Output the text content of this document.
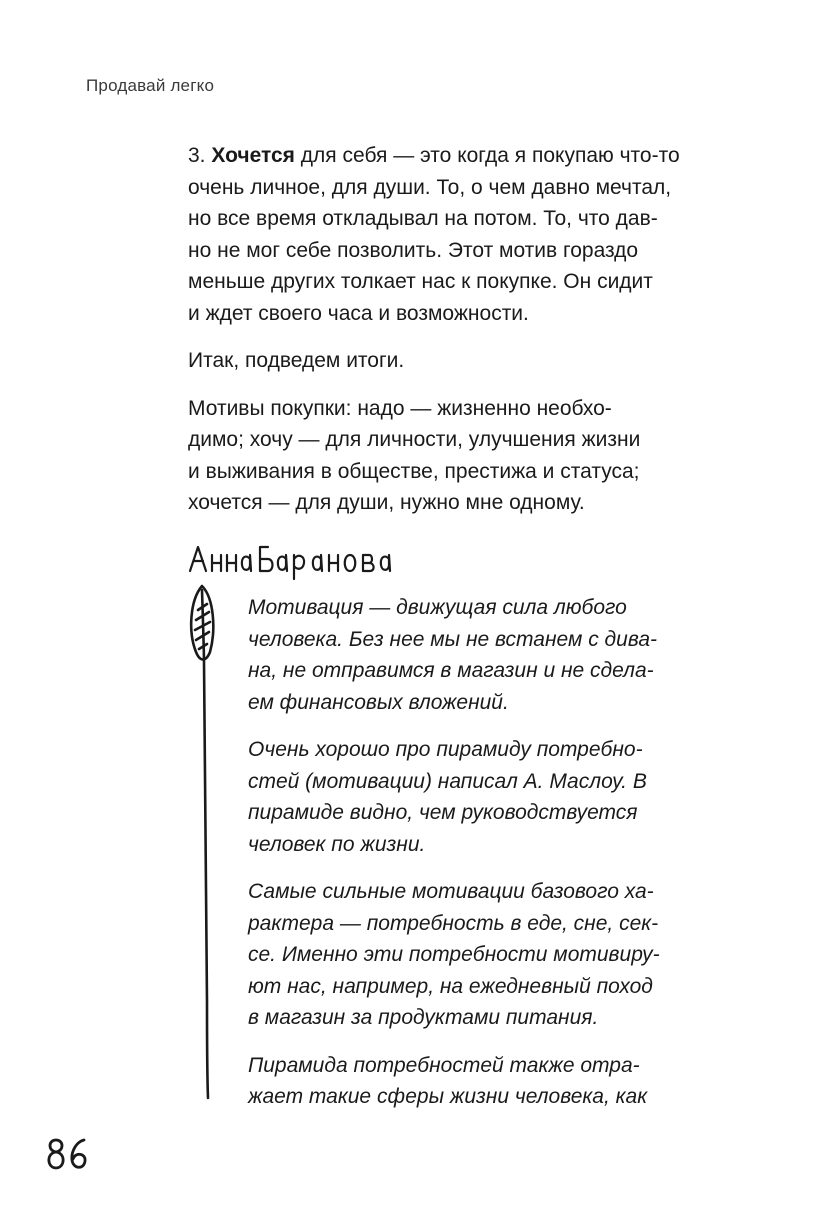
Продавай легко

3. Хочется для себя — это когда я покупаю что-то
очень личное, для души. То, о чем давно мечтал,
но все время откладывал на потом. То, что дав-
но не мог себе позволить. Этот мотив гораздо
меньше других толкает нас к покупке. Он сидит
и ждет своего часа и возможности.

Итак, подведем итоги.

Мотивы покупки: надо — жизненно необхо-
димо; хочу — для личности, улучшения жизни
и выживания в обществе, престижа и статуса;
хочется — для души, нужно мне одному.

Мотивация — движущая сила любого
человека. Без нее мы не встанем с дива-
на, не отправимся в магазин и не сдела-
ем финансовых вложений.

Очень хорошо про пирамиду потребно-
стей (мотивации) написал А. Маслоу. В
пирамиде видно, чем руководствуется
человек по жизни.

Самые сильные мотивации базового ха-
рактера — потребность в еде, сне, сек-
се. Именно эти потребности мотивиру-
ют нас, например, на ежедневный поход
в магазин за продуктами питания.

Пирамида потребностей также отра-
жает такие сферы жизни человека, как
